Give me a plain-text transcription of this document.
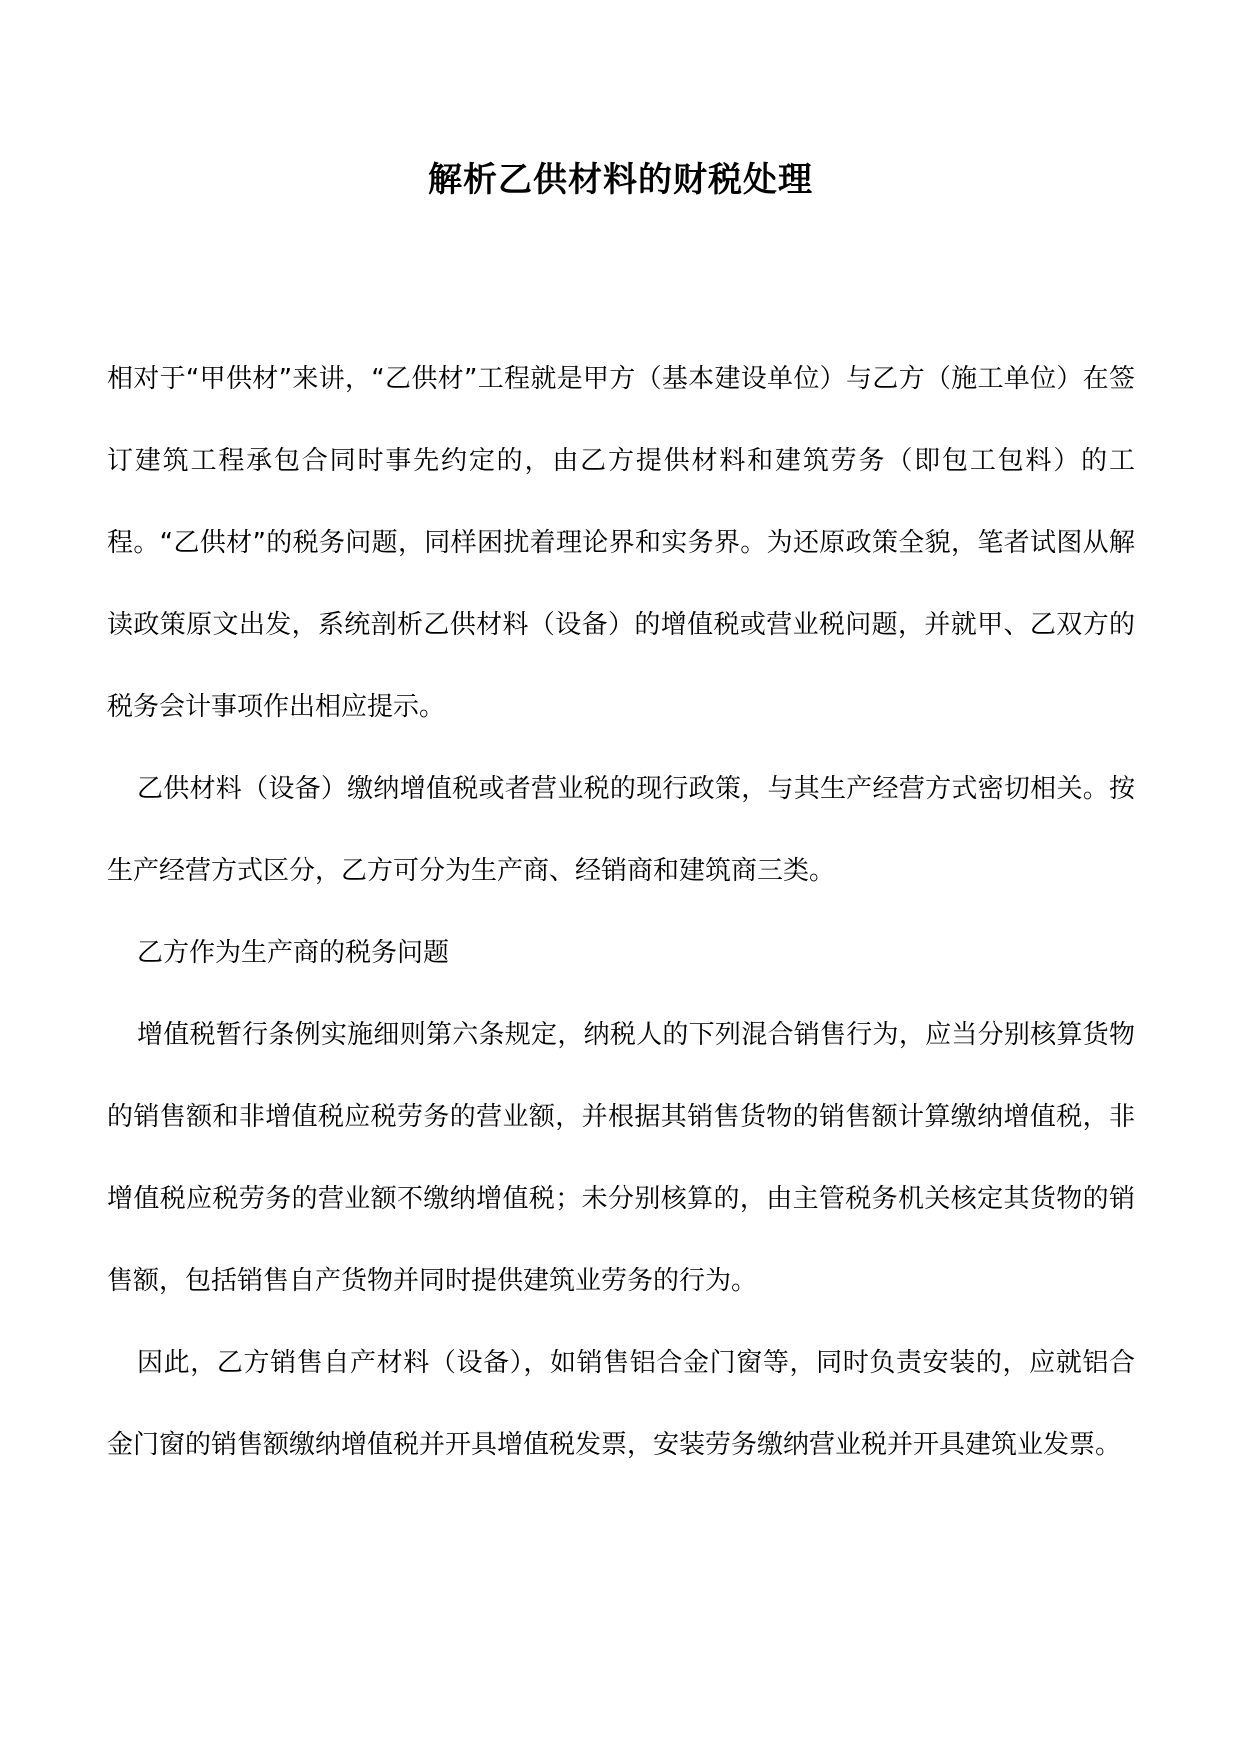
解析乙供材料的财税处理

相对于“甲供材”来讲，“乙供材”工程就是甲方（基本建设单位）与乙方（施工单位）在签订建筑工程承包合同时事先约定的，由乙方提供材料和建筑劳务（即包工包料）的工程。“乙供材”的税务问题，同样困扰着理论界和实务界。为还原政策全貌，笔者试图从解读政策原文出发，系统剖析乙供材料（设备）的增值税或营业税问题，并就甲、乙双方的税务会计事项作出相应提示。

乙供材料（设备）缴纳增值税或者营业税的现行政策，与其生产经营方式密切相关。按生产经营方式区分，乙方可分为生产商、经销商和建筑商三类。

乙方作为生产商的税务问题

增值税暂行条例实施细则第六条规定，纳税人的下列混合销售行为，应当分别核算货物的销售额和非增值税应税劳务的营业额，并根据其销售货物的销售额计算缴纳增值税，非增值税应税劳务的营业额不缴纳增值税；未分别核算的，由主管税务机关核定其货物的销售额，包括销售自产货物并同时提供建筑业劳务的行为。

因此，乙方销售自产材料（设备），如销售铝合金门窗等，同时负责安装的，应就铝合金门窗的销售额缴纳增值税并开具增值税发票，安装劳务缴纳营业税并开具建筑业发票。
